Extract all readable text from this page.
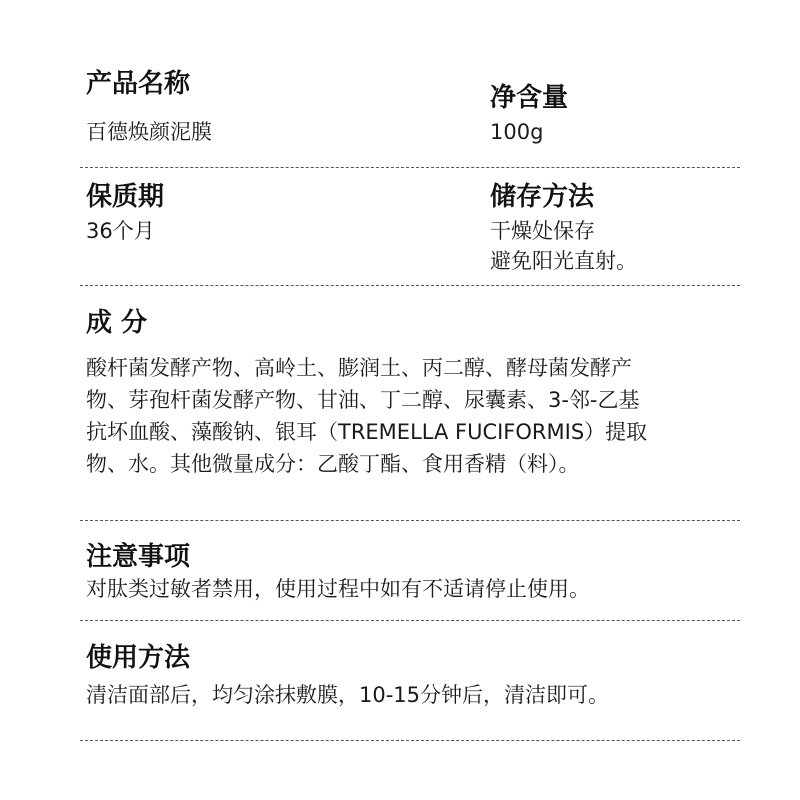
产品名称
百德焕颜泥膜
净含量
100g
保质期
36个月
储存方法
干燥处保存
避免阳光直射。
成 分
酸杆菌发酵产物、高岭土、膨润土、丙二醇、酵母菌发酵产
物、芽孢杆菌发酵产物、甘油、丁二醇、尿囊素、3-邻-乙基
抗坏血酸、藻酸钠、银耳（TREMELLA FUCIFORMIS）提取
物、水。其他微量成分：乙酸丁酯、食用香精（料）。
注意事项
对肽类过敏者禁用，使用过程中如有不适请停止使用。
使用方法
清洁面部后，均匀涂抹敷膜，10-15分钟后，清洁即可。
